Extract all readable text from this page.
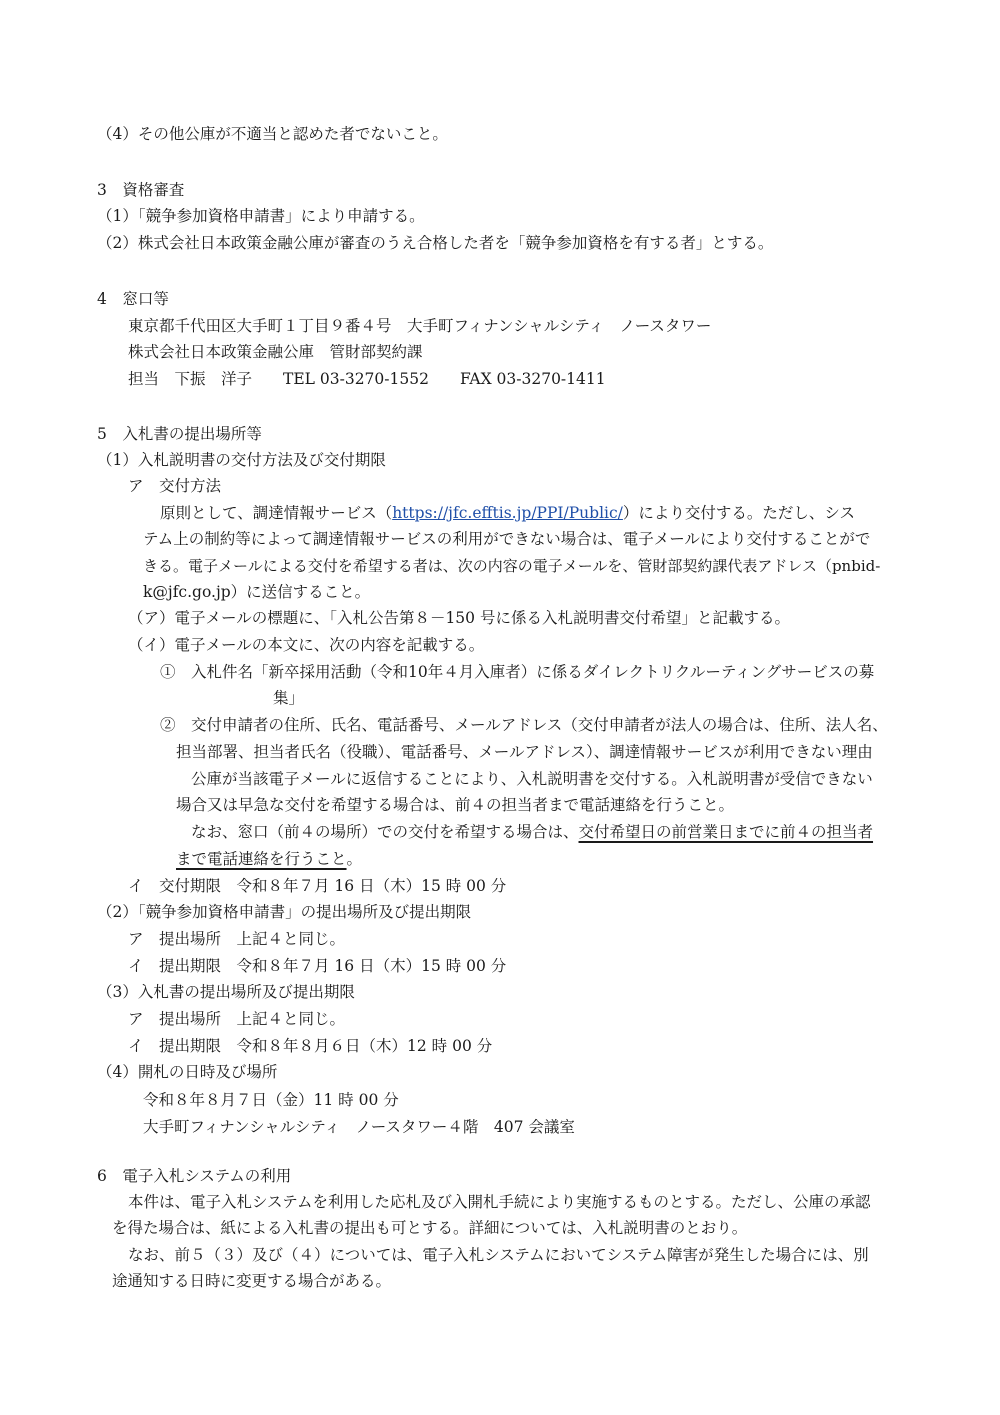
（4）その他公庫が不適当と認めた者でないこと。
3　資格審査
（1）「競争参加資格申請書」により申請する。
（2）株式会社日本政策金融公庫が審査のうえ合格した者を「競争参加資格を有する者」とする。
4　窓口等
東京都千代田区大手町１丁目９番４号　大手町フィナンシャルシティ　ノースタワー
株式会社日本政策金融公庫　管財部契約課
担当　下振　洋子　　TEL 03-3270-1552　　FAX 03-3270-1411
5　入札書の提出場所等
（1）入札説明書の交付方法及び交付期限
ア　交付方法
原則として、調達情報サービス（https://jfc.efftis.jp/PPI/Public/）により交付する。ただし、シス
テム上の制約等によって調達情報サービスの利用ができない場合は、電子メールにより交付することがで
きる。電子メールによる交付を希望する者は、次の内容の電子メールを、管財部契約課代表アドレス（pnbid-
k@jfc.go.jp）に送信すること。
（ア）電子メールの標題に、「入札公告第８－150 号に係る入札説明書交付希望」と記載する。
（イ）電子メールの本文に、次の内容を記載する。
①　入札件名「新卒採用活動（令和10年４月入庫者）に係るダイレクトリクルーティングサービスの募
集」
②　交付申請者の住所、氏名、電話番号、メールアドレス（交付申請者が法人の場合は、住所、法人名、
担当部署、担当者氏名（役職）、電話番号、メールアドレス）、調達情報サービスが利用できない理由
公庫が当該電子メールに返信することにより、入札説明書を交付する。入札説明書が受信できない
場合又は早急な交付を希望する場合は、前４の担当者まで電話連絡を行うこと。
なお、窓口（前４の場所）での交付を希望する場合は、交付希望日の前営業日までに前４の担当者
まで電話連絡を行うこと。
イ　交付期限　令和８年７月 16 日（木）15 時 00 分
（2）「競争参加資格申請書」の提出場所及び提出期限
ア　提出場所　上記４と同じ。
イ　提出期限　令和８年７月 16 日（木）15 時 00 分
（3）入札書の提出場所及び提出期限
ア　提出場所　上記４と同じ。
イ　提出期限　令和８年８月６日（木）12 時 00 分
（4）開札の日時及び場所
令和８年８月７日（金）11 時 00 分
大手町フィナンシャルシティ　ノースタワー４階　407 会議室
6　電子入札システムの利用
本件は、電子入札システムを利用した応札及び入開札手続により実施するものとする。ただし、公庫の承認
を得た場合は、紙による入札書の提出も可とする。詳細については、入札説明書のとおり。
なお、前５（３）及び（４）については、電子入札システムにおいてシステム障害が発生した場合には、別
途通知する日時に変更する場合がある。
